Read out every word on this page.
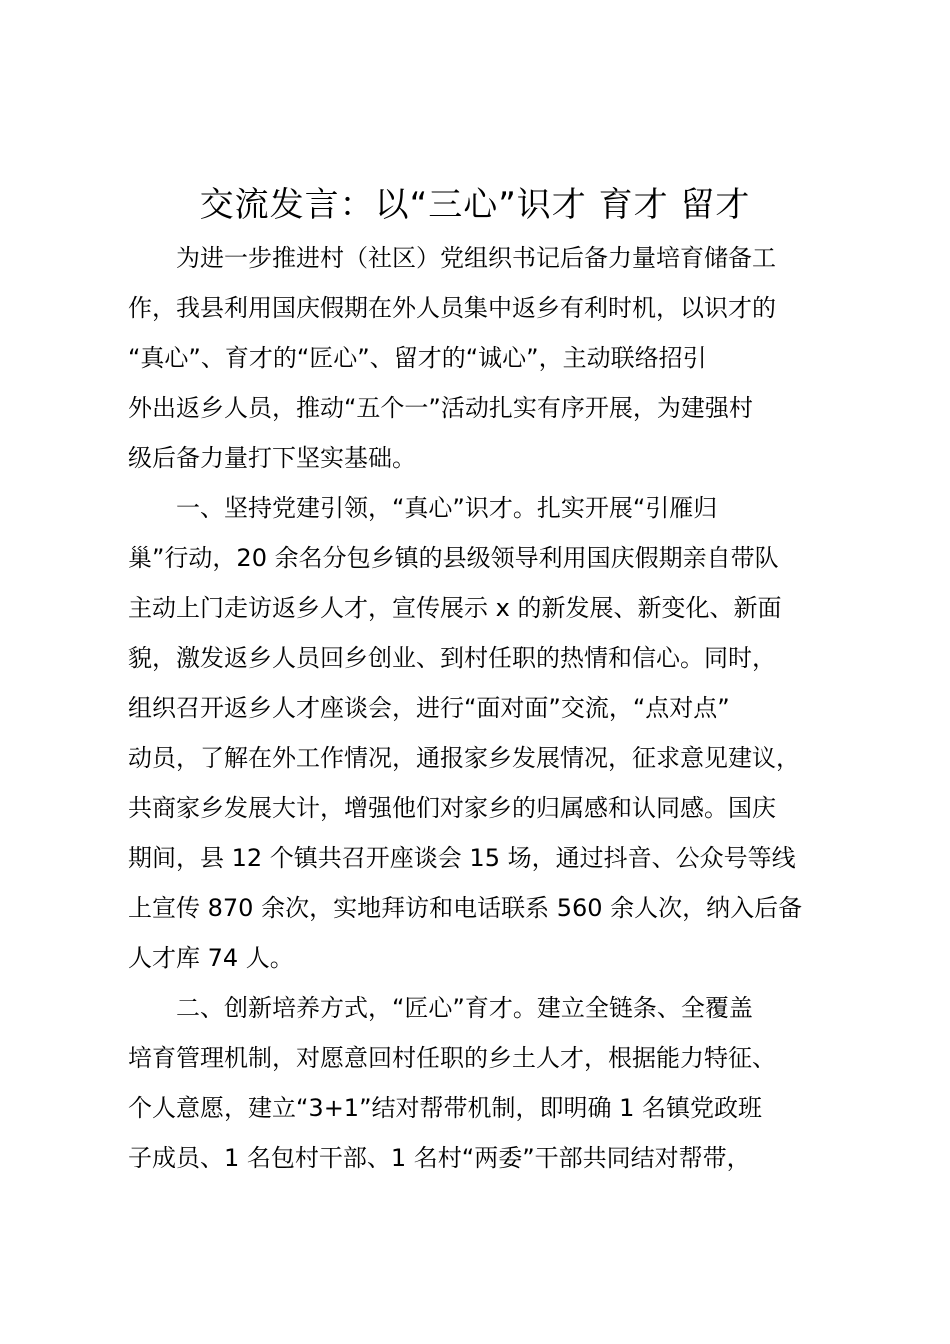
交流发言：以“三心”识才 育才 留才
为进一步推进村（社区）党组织书记后备力量培育储备工
作，我县利用国庆假期在外人员集中返乡有利时机，以识才的
“真心”、育才的“匠心”、留才的“诚心”，主动联络招引
外出返乡人员，推动“五个一”活动扎实有序开展，为建强村
级后备力量打下坚实基础。
一、坚持党建引领，“真心”识才。扎实开展“引雁归
巢”行动，20 余名分包乡镇的县级领导利用国庆假期亲自带队
主动上门走访返乡人才，宣传展示 x 的新发展、新变化、新面
貌，激发返乡人员回乡创业、到村任职的热情和信心。同时，
组织召开返乡人才座谈会，进行“面对面”交流，“点对点”
动员，了解在外工作情况，通报家乡发展情况，征求意见建议，
共商家乡发展大计，增强他们对家乡的归属感和认同感。国庆
期间，县 12 个镇共召开座谈会 15 场，通过抖音、公众号等线
上宣传 870 余次，实地拜访和电话联系 560 余人次，纳入后备
人才库 74 人。
二、创新培养方式，“匠心”育才。建立全链条、全覆盖
培育管理机制，对愿意回村任职的乡土人才，根据能力特征、
个人意愿，建立“3+1”结对帮带机制，即明确 1 名镇党政班
子成员、1 名包村干部、1 名村“两委”干部共同结对帮带，
